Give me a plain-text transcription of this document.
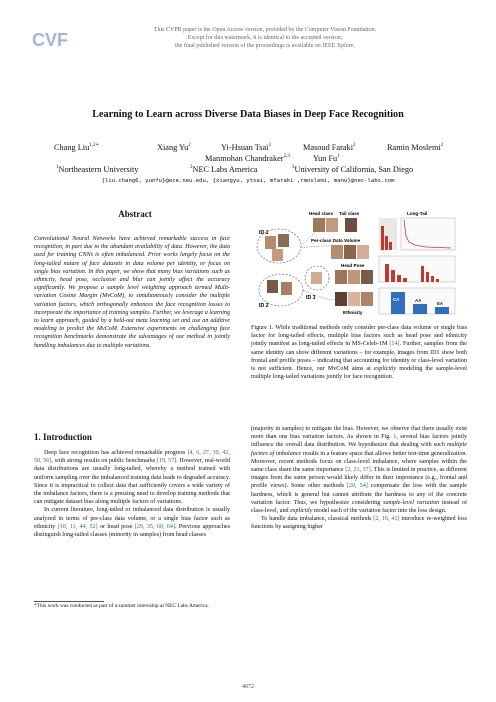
CVF	This CVPR paper is the Open Access version, provided by the Computer Vision Foundation.
Except for this watermark, it is identical to the accepted version;
the final published version of the proceedings is available on IEEE Xplore.
Learning to Learn across Diverse Data Biases in Deep Face Recognition
Chang Liu$^{1,2∗}$	Xiang Yu$^2$	Yi-Hsuan Tsai$^2$	Masoud Faraki$^2$	Ramin Moslemi$^2$
Manmohan Chandraker$^{2,3}$	Yun Fu$^1$
$^1$Northeastern University	$^2$NEC Labs America	$^3$University of California, San Diego
{liu.chang6, yunfu}@ece.neu.edu, {xiangyu, ytsai, mfaraki ,rmoslemi, manu}@nec-labs.com
Abstract
Convolutional Neural Networks have achieved remarkable success in face recognition, in part due to the abundant availability of data. However, the data used for training CNNs is often imbalanced. Prior works largely focus on the long-tailed nature of face datasets in data volume per identity, or focus on single bias variation. In this paper, we show that many bias variations such as ethnicity, head pose, occlusion and blur can jointly affect the accuracy significantly. We propose a sample level weighting approach termed Multi-variation Cosine Margin (MvCoM), to simultaneously consider the multiple variation factors, which orthogonally enhances the face recognition losses to incorporate the importance of training samples. Further, we leverage a learning to learn approach, guided by a held-out meta learning set and use an additive modeling to predict the MvCoM. Extensive experiments on challenging face recognition benchmarks demonstrate the advantages of our method in jointly handling imbalances due to multiple variations.
1. Introduction

Deep face recognition has achieved remarkable progress [4, 6, 27, 39, 42, 50, 56], with strong results on public benchmarks [19, 57]. However, real-world data distributions are usually long-tailed, whereby a method trained with uniform sampling over the imbalanced training data leads to degraded accuracy. Since it is impractical to collect data that sufficiently covers a wide variety of the imbalance factors, there is a pressing need to develop training methods that can mitigate dataset bias along multiple factors of variations.

In current literature, long-tailed or imbalanced data distribution is usually analyzed in terms of per-class data volume, or a single bias factor such as ethnicity [10, 11, 44, 52] or head pose [29, 35, 60, 64]. Previous approaches distinguish long-tailed classes (minority in samples) from head classes

*This work was conducted as part of a summer internship at NEC Labs America.
ID 1
ID 2
ID 3
Head class Tail class
Per-class Data Volume
Head Pose
Ethnicity
Long-Tail
CA	AA
EA
Figure 1. While traditional methods only consider per-class data volume or single bias factor for long-tailed effects, multiple bias factors such as head pose and ethnicity jointly manifest as long-tailed effects in MS-Celeb-1M [14]. Further, samples from the same identity can show different variations – for example, images from ID1 show both frontal and profile poses – indicating that accounting for identity or class-level variation is not sufficient. Hence, our MvCoM aims at explicitly modeling the sample-level multiple long-tailed variations jointly for face recognition.

(majority in samples) to mitigate the bias. However, we observe that there usually exist more than one bias variation factors. As shown in Fig. 1, several bias factors jointly influence the overall data distribution. We hypothesize that dealing with such multiple factors of imbalance results in a feature space that allows better test-time generalization. Moreover, recent methods focus on class-level imbalance, where samples within the same class share the same importance [2, 21, 37]. This is limited in practice, as different images from the same person would likely differ in their importance (e.g., frontal and profile views). Some other methods [20, 54] compensate the loss with the sample hardness, which is general but cannot attribute the hardness to any of the concrete variation factor. Thus, we hypothesize considering sample-level variation instead of class-level, and explicitly model each of the variation factor into the loss design.

To handle data imbalance, classical methods [2, 16, 41] introduce re-weighted loss functions by assigning higher

4072
